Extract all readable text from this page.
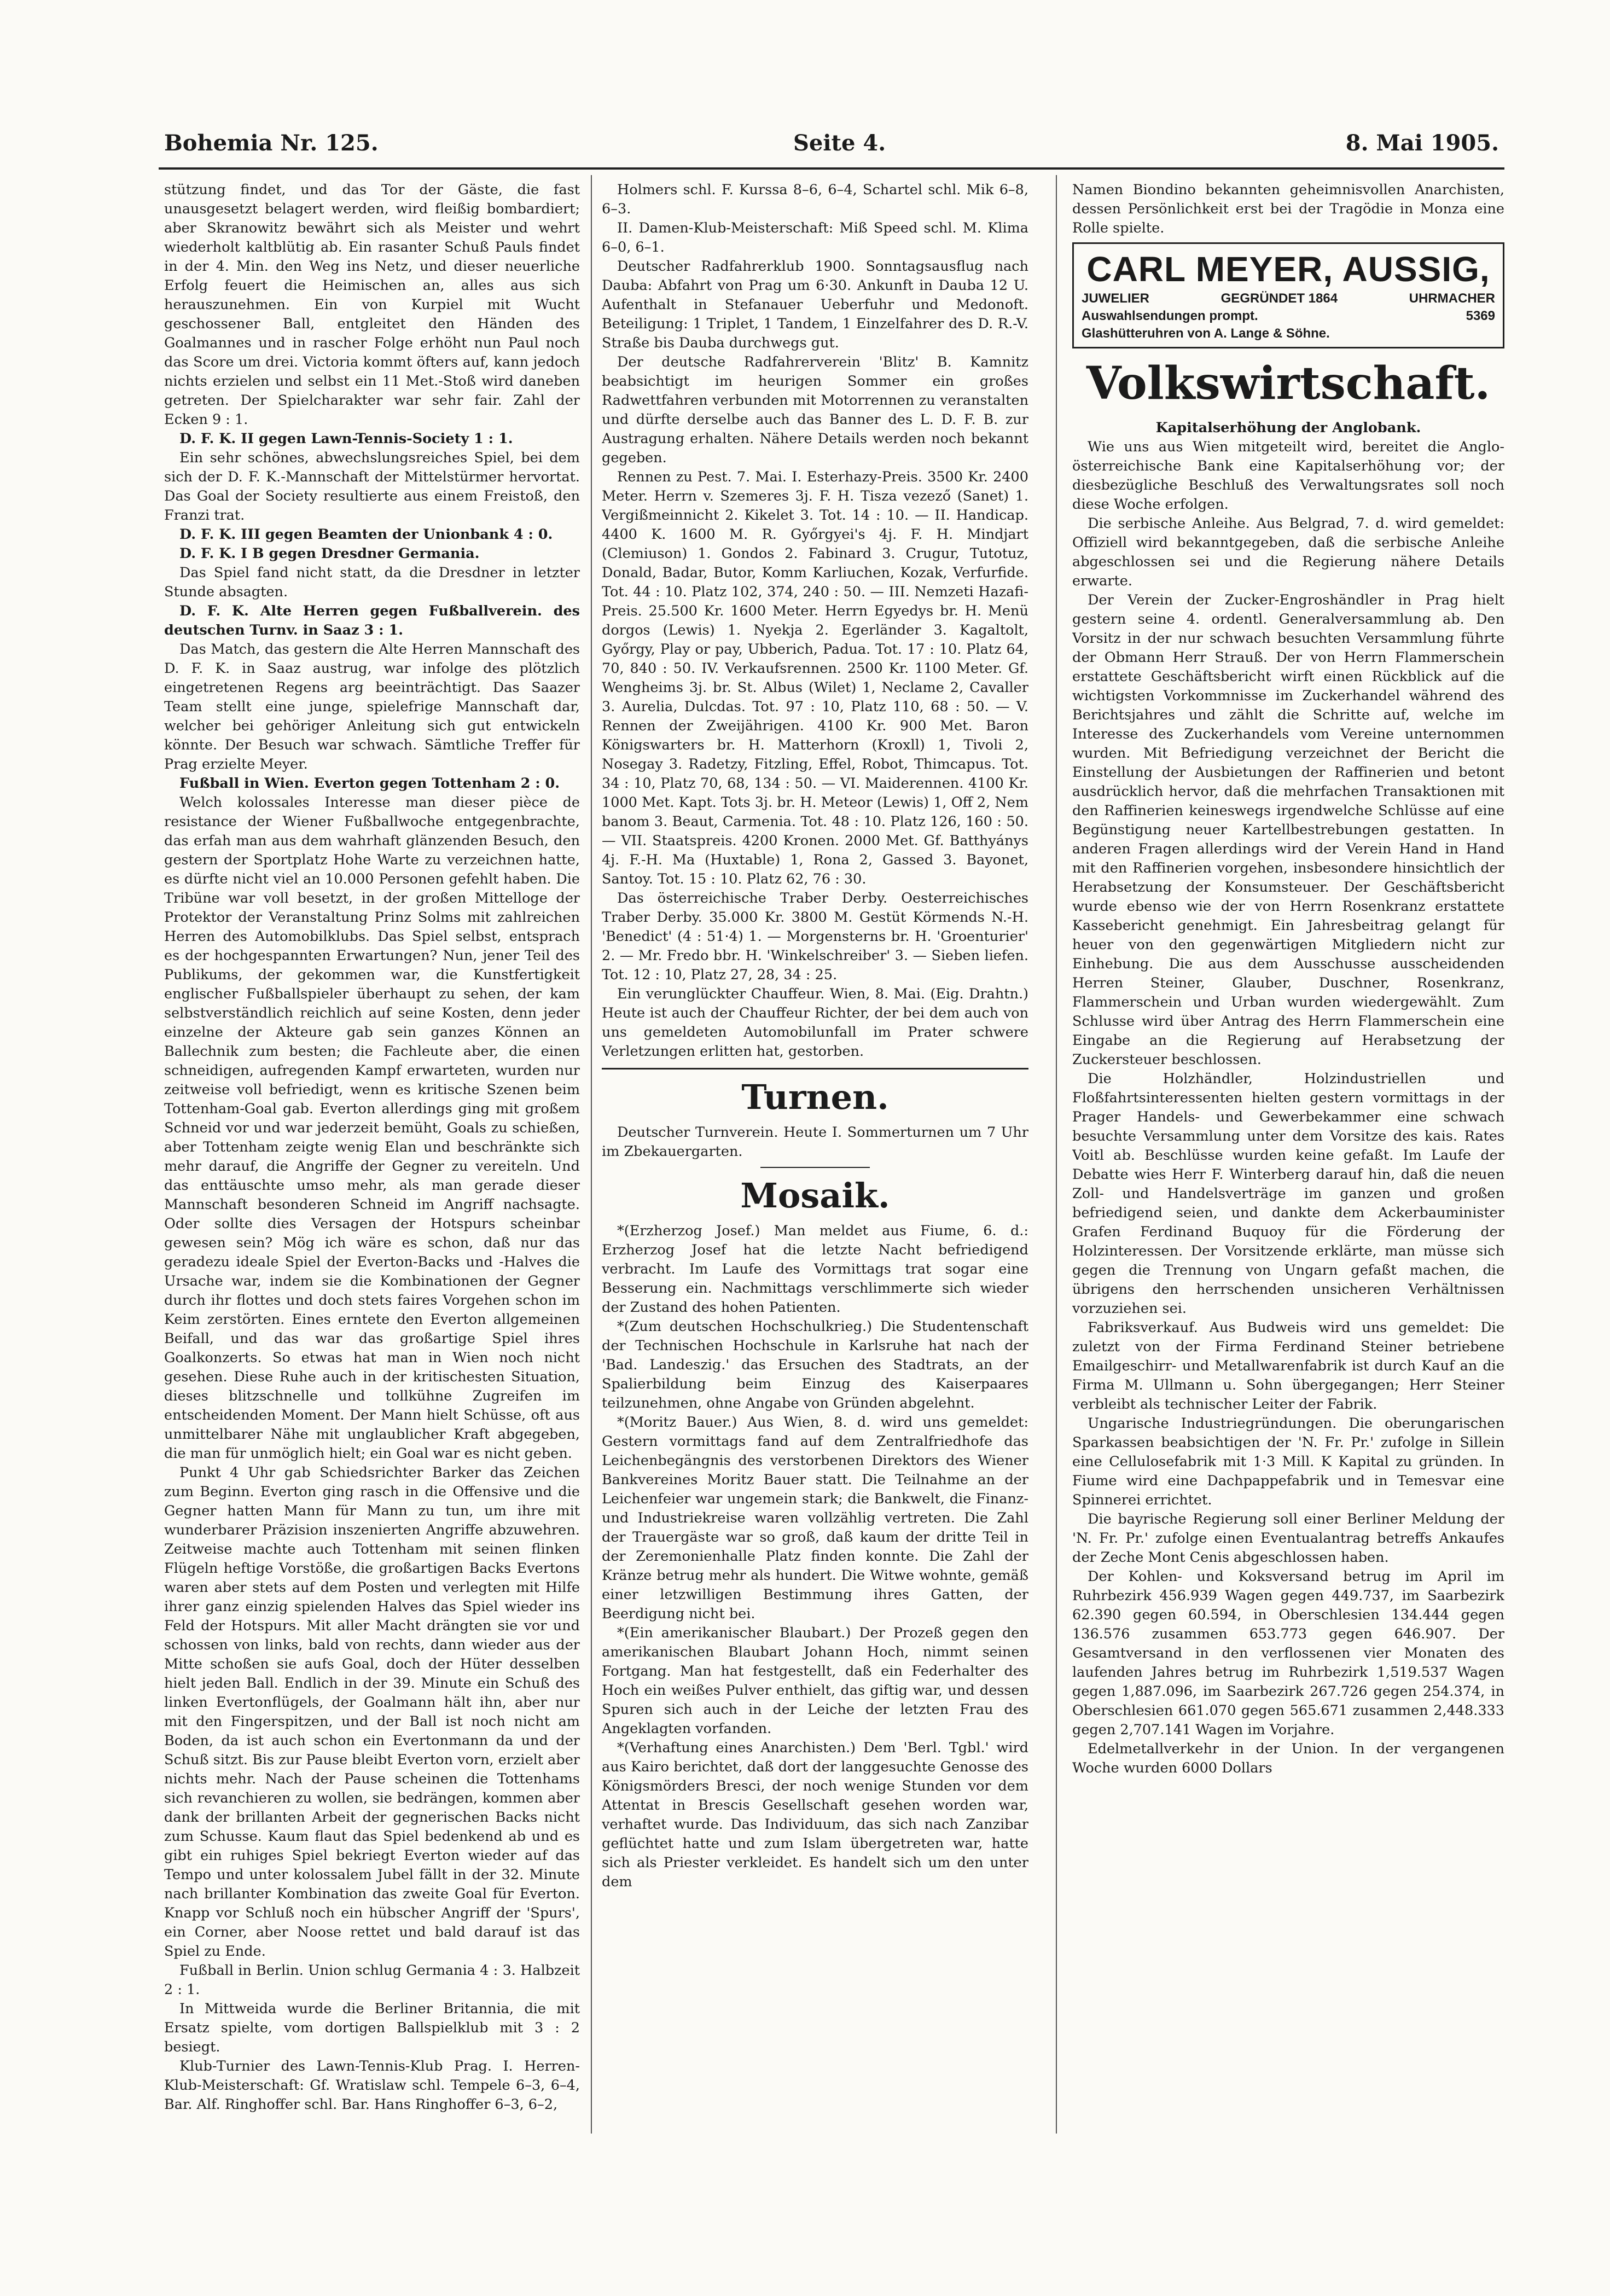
Bohemia Nr. 125.	Seite 4.	8. Mai 1905.

stützung findet, und das Tor der Gäste, die fast unausgesetzt belagert werden, wird fleißig bombardiert; aber Skranowitz bewährt sich als Meister und wehrt wiederholt kaltblütig ab. Ein rasanter Schuß Pauls findet in der 4. Min. den Weg ins Netz, und dieser neuerliche Erfolg feuert die Heimischen an, alles aus sich herauszunehmen. Ein von Kurpiel mit Wucht geschossener Ball, entgleitet den Händen des Goalmannes und in rascher Folge erhöht nun Paul noch das Score um drei. Victoria kommt öfters auf, kann jedoch nichts erzielen und selbst ein 11 Met.-Stoß wird daneben getreten. Der Spielcharakter war sehr fair. Zahl der Ecken 9 : 1.

D. F. K. II gegen Lawn-Tennis-Society 1 : 1.

Ein sehr schönes, abwechslungsreiches Spiel, bei dem sich der D. F. K.-Mannschaft der Mittelstürmer hervortat. Das Goal der Society resultierte aus einem Freistoß, den Franzi trat.

D. F. K. III gegen Beamten der Unionbank 4 : 0.

D. F. K. I B gegen Dresdner Germania.

Das Spiel fand nicht statt, da die Dresdner in letzter Stunde absagten.

D. F. K. Alte Herren gegen Fußballverein. des deutschen Turnv. in Saaz 3 : 1.

Das Match, das gestern die Alte Herren Mannschaft des D. F. K. in Saaz austrug, war infolge des plötzlich eingetretenen Regens arg beeinträchtigt. Das Saazer Team stellt eine junge, spielefrige Mannschaft dar, welcher bei gehöriger Anleitung sich gut entwickeln könnte. Der Besuch war schwach. Sämtliche Treffer für Prag erzielte Meyer.

Fußball in Wien. Everton gegen Tottenham 2 : 0.

Welch kolossales Interesse man dieser pièce de resistance der Wiener Fußballwoche entgegenbrachte, das erfah man aus dem wahrhaft glänzenden Besuch, den gestern der Sportplatz Hohe Warte zu verzeichnen hatte, es dürfte nicht viel an 10.000 Personen gefehlt haben. Die Tribüne war voll besetzt, in der großen Mittelloge der Protektor der Veranstaltung Prinz Solms mit zahlreichen Herren des Automobilklubs. Das Spiel selbst, entsprach es der hochgespannten Erwartungen? Nun, jener Teil des Publikums, der gekommen war, die Kunstfertigkeit englischer Fußballspieler überhaupt zu sehen, der kam selbstverständlich reichlich auf seine Kosten, denn jeder einzelne der Akteure gab sein ganzes Können an Ballechnik zum besten; die Fachleute aber, die einen schneidigen, aufregenden Kampf erwarteten, wurden nur zeitweise voll befriedigt, wenn es kritische Szenen beim Tottenham-Goal gab. Everton allerdings ging mit großem Schneid vor und war jederzeit bemüht, Goals zu schießen, aber Tottenham zeigte wenig Elan und beschränkte sich mehr darauf, die Angriffe der Gegner zu vereiteln. Und das enttäuschte umso mehr, als man gerade dieser Mannschaft besonderen Schneid im Angriff nachsagte. Oder sollte dies Versagen der Hotspurs scheinbar gewesen sein? Mög ich wäre es schon, daß nur das geradezu ideale Spiel der Everton-Backs und -Halves die Ursache war, indem sie die Kombinationen der Gegner durch ihr flottes und doch stets faires Vorgehen schon im Keim zerstörten. Eines erntete den Everton allgemeinen Beifall, und das war das großartige Spiel ihres Goalkonzerts. So etwas hat man in Wien noch nicht gesehen. Diese Ruhe auch in der kritischesten Situation, dieses blitzschnelle und tollkühne Zugreifen im entscheidenden Moment. Der Mann hielt Schüsse, oft aus unmittelbarer Nähe mit unglaublicher Kraft abgegeben, die man für unmöglich hielt; ein Goal war es nicht geben.

Punkt 4 Uhr gab Schiedsrichter Barker das Zeichen zum Beginn. Everton ging rasch in die Offensive und die Gegner hatten Mann für Mann zu tun, um ihre mit wunderbarer Präzision inszenierten Angriffe abzuwehren. Zeitweise machte auch Tottenham mit seinen flinken Flügeln heftige Vorstöße, die großartigen Backs Evertons waren aber stets auf dem Posten und verlegten mit Hilfe ihrer ganz einzig spielenden Halves das Spiel wieder ins Feld der Hotspurs. Mit aller Macht drängten sie vor und schossen von links, bald von rechts, dann wieder aus der Mitte schoßen sie aufs Goal, doch der Hüter desselben hielt jeden Ball. Endlich in der 39. Minute ein Schuß des linken Evertonflügels, der Goalmann hält ihn, aber nur mit den Fingerspitzen, und der Ball ist noch nicht am Boden, da ist auch schon ein Evertonmann da und der Schuß sitzt. Bis zur Pause bleibt Everton vorn, erzielt aber nichts mehr. Nach der Pause scheinen die Tottenhams sich revanchieren zu wollen, sie bedrängen, kommen aber dank der brillanten Arbeit der gegnerischen Backs nicht zum Schusse. Kaum flaut das Spiel bedenkend ab und es gibt ein ruhiges Spiel bekriegt Everton wieder auf das Tempo und unter kolossalem Jubel fällt in der 32. Minute nach brillanter Kombination das zweite Goal für Everton. Knapp vor Schluß noch ein hübscher Angriff der 'Spurs', ein Corner, aber Noose rettet und bald darauf ist das Spiel zu Ende.

Fußball in Berlin. Union schlug Germania 4 : 3. Halbzeit 2 : 1.

In Mittweida wurde die Berliner Britannia, die mit Ersatz spielte, vom dortigen Ballspielklub mit 3 : 2 besiegt.

Klub-Turnier des Lawn-Tennis-Klub Prag. I. Herren-Klub-Meisterschaft: Gf. Wratislaw schl. Tempele 6–3, 6–4, Bar. Alf. Ringhoffer schl. Bar. Hans Ringhoffer 6–3, 6–2,

Holmers schl. F. Kurssa 8–6, 6–4, Schartel schl. Mik 6–8, 6–3.

II. Damen-Klub-Meisterschaft: Miß Speed schl. M. Klima 6–0, 6–1.

Deutscher Radfahrerklub 1900. Sonntagsausflug nach Dauba: Abfahrt von Prag um 6·30. Ankunft in Dauba 12 U. Aufenthalt in Stefanauer Ueberfuhr und Medonoft. Beteiligung: 1 Triplet, 1 Tandem, 1 Einzelfahrer des D. R.-V. Straße bis Dauba durchwegs gut.

Der deutsche Radfahrerverein 'Blitz' B. Kamnitz beabsichtigt im heurigen Sommer ein großes Radwettfahren verbunden mit Motorrennen zu veranstalten und dürfte derselbe auch das Banner des L. D. F. B. zur Austragung erhalten. Nähere Details werden noch bekannt gegeben.

Rennen zu Pest. 7. Mai. I. Esterhazy-Preis. 3500 Kr. 2400 Meter. Herrn v. Szemeres 3j. F. H. Tisza vezező (Sanet) 1. Vergißmeinnicht 2. Kikelet 3. Tot. 14 : 10. — II. Handicap. 4400 K. 1600 M. R. Győrgyei's 4j. F. H. Mindjart (Clemiuson) 1. Gondos 2. Fabinard 3. Crugur, Tutotuz, Donald, Badar, Butor, Komm Karliuchen, Kozak, Verfurfide. Tot. 44 : 10. Platz 102, 374, 240 : 50. — III. Nemzeti Hazafi-Preis. 25.500 Kr. 1600 Meter. Herrn Egyedys br. H. Menü dorgos (Lewis) 1. Nyekja 2. Egerländer 3. Kagaltolt, Győrgy, Play or pay, Ubberich, Padua. Tot. 17 : 10. Platz 64, 70, 840 : 50. IV. Verkaufsrennen. 2500 Kr. 1100 Meter. Gf. Wengheims 3j. br. St. Albus (Wilet) 1, Neclame 2, Cavaller 3. Aurelia, Dulcdas. Tot. 97 : 10, Platz 110, 68 : 50. — V. Rennen der Zweijährigen. 4100 Kr. 900 Met. Baron Königswarters br. H. Matterhorn (Kroxll) 1, Tivoli 2, Nosegay 3. Radetzy, Fitzling, Effel, Robot, Thimcapus. Tot. 34 : 10, Platz 70, 68, 134 : 50. — VI. Maiderennen. 4100 Kr. 1000 Met. Kapt. Tots 3j. br. H. Meteor (Lewis) 1, Off 2, Nem banom 3. Beaut, Carmenia. Tot. 48 : 10. Platz 126, 160 : 50. — VII. Staatspreis. 4200 Kronen. 2000 Met. Gf. Batthyánys 4j. F.-H. Ma (Huxtable) 1, Rona 2, Gassed 3. Bayonet, Santoy. Tot. 15 : 10. Platz 62, 76 : 30.

Das österreichische Traber Derby. Oesterreichisches Traber Derby. 35.000 Kr. 3800 M. Gestüt Körmends N.-H. 'Benedict' (4 : 51·4) 1. — Morgensterns br. H. 'Groenturier' 2. — Mr. Fredo bbr. H. 'Winkelschreiber' 3. — Sieben liefen. Tot. 12 : 10, Platz 27, 28, 34 : 25.

Ein verunglückter Chauffeur. Wien, 8. Mai. (Eig. Drahtn.) Heute ist auch der Chauffeur Richter, der bei dem auch von uns gemeldeten Automobilunfall im Prater schwere Verletzungen erlitten hat, gestorben.

Turnen.

Deutscher Turnverein. Heute I. Sommerturnen um 7 Uhr im Zbekauergarten.

Mosaik.

*(Erzherzog Josef.) Man meldet aus Fiume, 6. d.: Erzherzog Josef hat die letzte Nacht befriedigend verbracht. Im Laufe des Vormittags trat sogar eine Besserung ein. Nachmittags verschlimmerte sich wieder der Zustand des hohen Patienten.

*(Zum deutschen Hochschulkrieg.) Die Studentenschaft der Technischen Hochschule in Karlsruhe hat nach der 'Bad. Landeszig.' das Ersuchen des Stadtrats, an der Spalierbildung beim Einzug des Kaiserpaares teilzunehmen, ohne Angabe von Gründen abgelehnt.

*(Moritz Bauer.) Aus Wien, 8. d. wird uns gemeldet: Gestern vormittags fand auf dem Zentralfriedhofe das Leichenbegängnis des verstorbenen Direktors des Wiener Bankvereines Moritz Bauer statt. Die Teilnahme an der Leichenfeier war ungemein stark; die Bankwelt, die Finanz- und Industriekreise waren vollzählig vertreten. Die Zahl der Trauergäste war so groß, daß kaum der dritte Teil in der Zeremonienhalle Platz finden konnte. Die Zahl der Kränze betrug mehr als hundert. Die Witwe wohnte, gemäß einer letzwilligen Bestimmung ihres Gatten, der Beerdigung nicht bei.

*(Ein amerikanischer Blaubart.) Der Prozeß gegen den amerikanischen Blaubart Johann Hoch, nimmt seinen Fortgang. Man hat festgestellt, daß ein Federhalter des Hoch ein weißes Pulver enthielt, das giftig war, und dessen Spuren sich auch in der Leiche der letzten Frau des Angeklagten vorfanden.

*(Verhaftung eines Anarchisten.) Dem 'Berl. Tgbl.' wird aus Kairo berichtet, daß dort der langgesuchte Genosse des Königsmörders Bresci, der noch wenige Stunden vor dem Attentat in Brescis Gesellschaft gesehen worden war, verhaftet wurde. Das Individuum, das sich nach Zanzibar geflüchtet hatte und zum Islam übergetreten war, hatte sich als Priester verkleidet. Es handelt sich um den unter dem

Namen Biondino bekannten geheimnisvollen Anarchisten, dessen Persönlichkeit erst bei der Tragödie in Monza eine Rolle spielte.

CARL MEYER, AUSSIG,
JUWELIER	GEGRÜNDET 1864	UHRMACHER
Auswahlsendungen prompt.	5369
Glashütteruhren von A. Lange & Söhne.
Volkswirtschaft.

Kapitalserhöhung der Anglobank.

Wie uns aus Wien mitgeteilt wird, bereitet die Anglo-österreichische Bank eine Kapitalserhöhung vor; der diesbezügliche Beschluß des Verwaltungsrates soll noch diese Woche erfolgen.

Die serbische Anleihe. Aus Belgrad, 7. d. wird gemeldet: Offiziell wird bekanntgegeben, daß die serbische Anleihe abgeschlossen sei und die Regierung nähere Details erwarte.

Der Verein der Zucker-Engroshändler in Prag hielt gestern seine 4. ordentl. Generalversammlung ab. Den Vorsitz in der nur schwach besuchten Versammlung führte der Obmann Herr Strauß. Der von Herrn Flammerschein erstattete Geschäftsbericht wirft einen Rückblick auf die wichtigsten Vorkommnisse im Zuckerhandel während des Berichtsjahres und zählt die Schritte auf, welche im Interesse des Zuckerhandels vom Vereine unternommen wurden. Mit Befriedigung verzeichnet der Bericht die Einstellung der Ausbietungen der Raffinerien und betont ausdrücklich hervor, daß die mehrfachen Transaktionen mit den Raffinerien keineswegs irgendwelche Schlüsse auf eine Begünstigung neuer Kartellbestrebungen gestatten. In anderen Fragen allerdings wird der Verein Hand in Hand mit den Raffinerien vorgehen, insbesondere hinsichtlich der Herabsetzung der Konsumsteuer. Der Geschäftsbericht wurde ebenso wie der von Herrn Rosenkranz erstattete Kassebericht genehmigt. Ein Jahresbeitrag gelangt für heuer von den gegenwärtigen Mitgliedern nicht zur Einhebung. Die aus dem Ausschusse ausscheidenden Herren Steiner, Glauber, Duschner, Rosenkranz, Flammerschein und Urban wurden wiedergewählt. Zum Schlusse wird über Antrag des Herrn Flammerschein eine Eingabe an die Regierung auf Herabsetzung der Zuckersteuer beschlossen.

Die Holzhändler, Holzindustriellen und Floßfahrtsinteressenten hielten gestern vormittags in der Prager Handels- und Gewerbekammer eine schwach besuchte Versammlung unter dem Vorsitze des kais. Rates Voitl ab. Beschlüsse wurden keine gefaßt. Im Laufe der Debatte wies Herr F. Winterberg darauf hin, daß die neuen Zoll- und Handelsverträge im ganzen und großen befriedigend seien, und dankte dem Ackerbauminister Grafen Ferdinand Buquoy für die Förderung der Holzinteressen. Der Vorsitzende erklärte, man müsse sich gegen die Trennung von Ungarn gefaßt machen, die übrigens den herrschenden unsicheren Verhältnissen vorzuziehen sei.

Fabriksverkauf. Aus Budweis wird uns gemeldet: Die zuletzt von der Firma Ferdinand Steiner betriebene Emailgeschirr- und Metallwarenfabrik ist durch Kauf an die Firma M. Ullmann u. Sohn übergegangen; Herr Steiner verbleibt als technischer Leiter der Fabrik.

Ungarische Industriegründungen. Die oberungarischen Sparkassen beabsichtigen der 'N. Fr. Pr.' zufolge in Sillein eine Cellulosefabrik mit 1·3 Mill. K Kapital zu gründen. In Fiume wird eine Dachpappefabrik und in Temesvar eine Spinnerei errichtet.

Die bayrische Regierung soll einer Berliner Meldung der 'N. Fr. Pr.' zufolge einen Eventualantrag betreffs Ankaufes der Zeche Mont Cenis abgeschlossen haben.

Der Kohlen- und Koksversand betrug im April im Ruhrbezirk 456.939 Wagen gegen 449.737, im Saarbezirk 62.390 gegen 60.594, in Oberschlesien 134.444 gegen 136.576 zusammen 653.773 gegen 646.907. Der Gesamtversand in den verflossenen vier Monaten des laufenden Jahres betrug im Ruhrbezirk 1,519.537 Wagen gegen 1,887.096, im Saarbezirk 267.726 gegen 254.374, in Oberschlesien 661.070 gegen 565.671 zusammen 2,448.333 gegen 2,707.141 Wagen im Vorjahre.

Edelmetallverkehr in der Union. In der vergangenen Woche wurden 6000 Dollars
